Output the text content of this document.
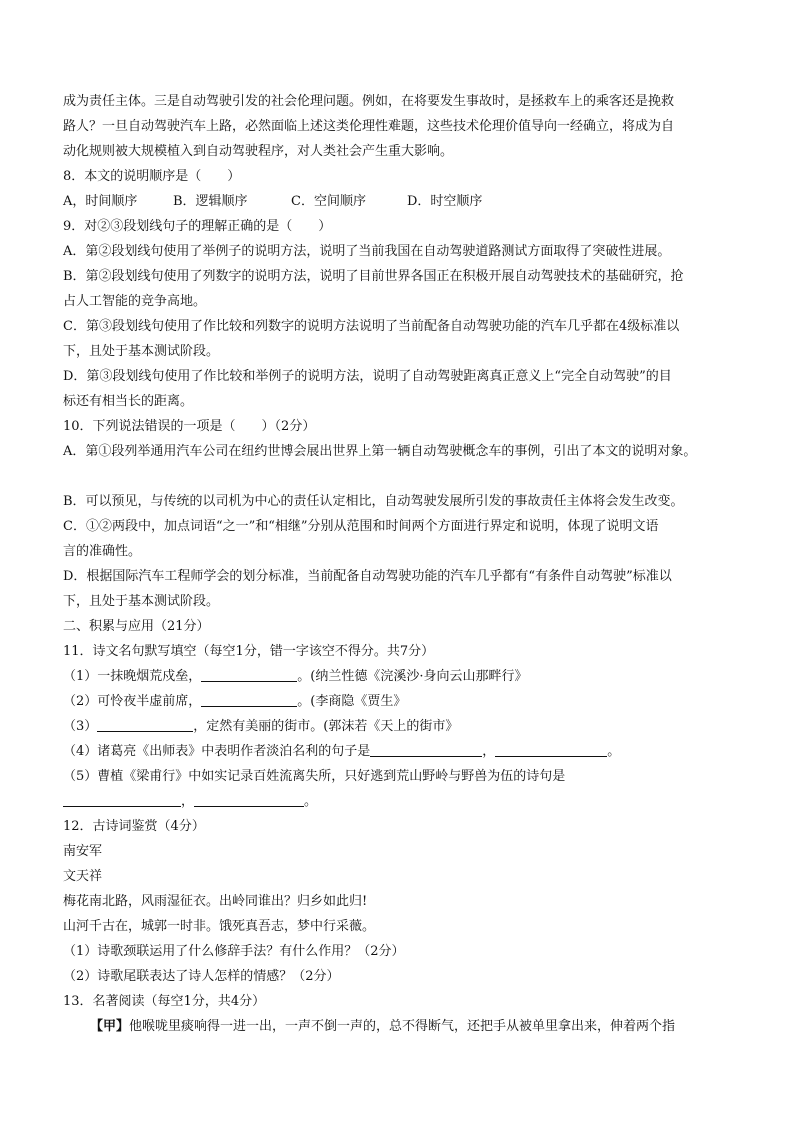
成为责任主体。三是自动驾驶引发的社会伦理问题。例如，在将要发生事故时，是拯救车上的乘客还是挽救
路人？一旦自动驾驶汽车上路，必然面临上述这类伦理性难题，这些技术伦理价值导向一经确立，将成为自
动化规则被大规模植入到自动驾驶程序，对人类社会产生重大影响。
8．本文的说明顺序是（　　）
A，时间顺序	B．逻辑顺序	C．空间顺序	D．时空顺序
9．对②③段划线句子的理解正确的是（　　）
A．第②段划线句使用了举例子的说明方法，说明了当前我国在自动驾驶道路测试方面取得了突破性进展。
B．第②段划线句使用了列数字的说明方法，说明了目前世界各国正在积极开展自动驾驶技术的基础研究，抢
占人工智能的竞争高地。
C．第③段划线句使用了作比较和列数字的说明方法说明了当前配备自动驾驶功能的汽车几乎都在4级标准以
下，且处于基本测试阶段。
D．第③段划线句使用了作比较和举例子的说明方法，说明了自动驾驶距离真正意义上“完全自动驾驶”的目
标还有相当长的距离。
10．下列说法错误的一项是（　　）（2分）
A．第①段列举通用汽车公司在纽约世博会展出世界上第一辆自动驾驶概念车的事例，引出了本文的说明对象。
B．可以预见，与传统的以司机为中心的责任认定相比，自动驾驶发展所引发的事故责任主体将会发生改变。
C．①②两段中，加点词语“之一”和“相继”分别从范围和时间两个方面进行界定和说明，体现了说明文语
言的准确性。
D．根据国际汽车工程师学会的划分标准，当前配备自动驾驶功能的汽车几乎都有“有条件自动驾驶”标准以
下，且处于基本测试阶段。
二、积累与应用（21分）
11．诗文名句默写填空（每空1分，错一字该空不得分。共7分）
（1）一抹晚烟荒戍垒，	。(纳兰性德《浣溪沙·身向云山那畔行》
（2）可怜夜半虚前席，	。(李商隐《贾生》
（3）	，定然有美丽的街市。(郭沫若《天上的街市》
（4）诸葛亮《出师表》中表明作者淡泊名利的句子是	，	。
（5）曹植《梁甫行》中如实记录百姓流离失所，只好逃到荒山野岭与野兽为伍的诗句是
，	。
12．古诗词鉴赏（4分）
南安军
文天祥
梅花南北路，风雨湿征衣。出岭同谁出？归乡如此归!
山河千古在，城郭一时非。饿死真吾志，梦中行采薇。
（1）诗歌颈联运用了什么修辞手法？有什么作用？（2分）
（2）诗歌尾联表达了诗人怎样的情感？（2分）
13．名著阅读（每空1分，共4分）
【甲】他喉咙里痰响得一进一出，一声不倒一声的，总不得断气，还把手从被单里拿出来，伸着两个指
